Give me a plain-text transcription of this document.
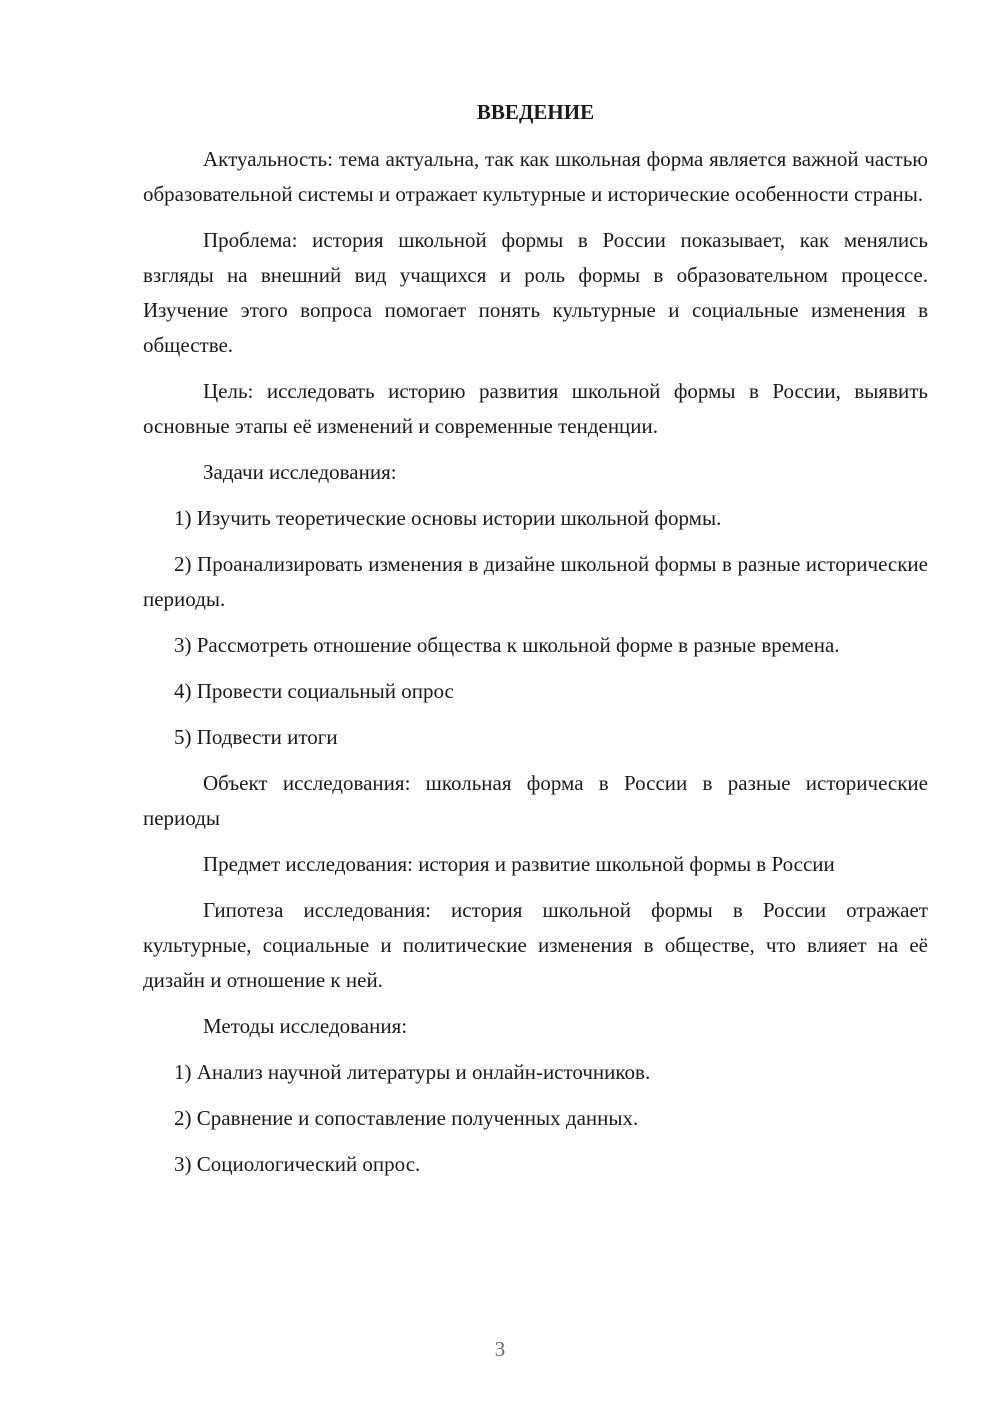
ВВЕДЕНИЕ

Актуальность: тема актуальна, так как школьная форма является важной частью образовательной системы и отражает культурные и исторические особенности страны.

Проблема: история школьной формы в России показывает, как менялись взгляды на внешний вид учащихся и роль формы в образовательном процессе. Изучение этого вопроса помогает понять культурные и социальные изменения в обществе.

Цель: исследовать историю развития школьной формы в России, выявить основные этапы её изменений и современные тенденции.

Задачи исследования:

1) Изучить теоретические основы истории школьной формы.

2) Проанализировать изменения в дизайне школьной формы в разные исторические периоды.

3) Рассмотреть отношение общества к школьной форме в разные времена.

4) Провести социальный опрос

5) Подвести итоги

Объект исследования: школьная форма в России в разные исторические периоды

Предмет исследования: история и развитие школьной формы в России

Гипотеза исследования: история школьной формы в России отражает культурные, социальные и политические изменения в обществе, что влияет на её дизайн и отношение к ней.

Методы исследования:

1) Анализ научной литературы и онлайн-источников.

2) Сравнение и сопоставление полученных данных.

3) Социологический опрос.

3
